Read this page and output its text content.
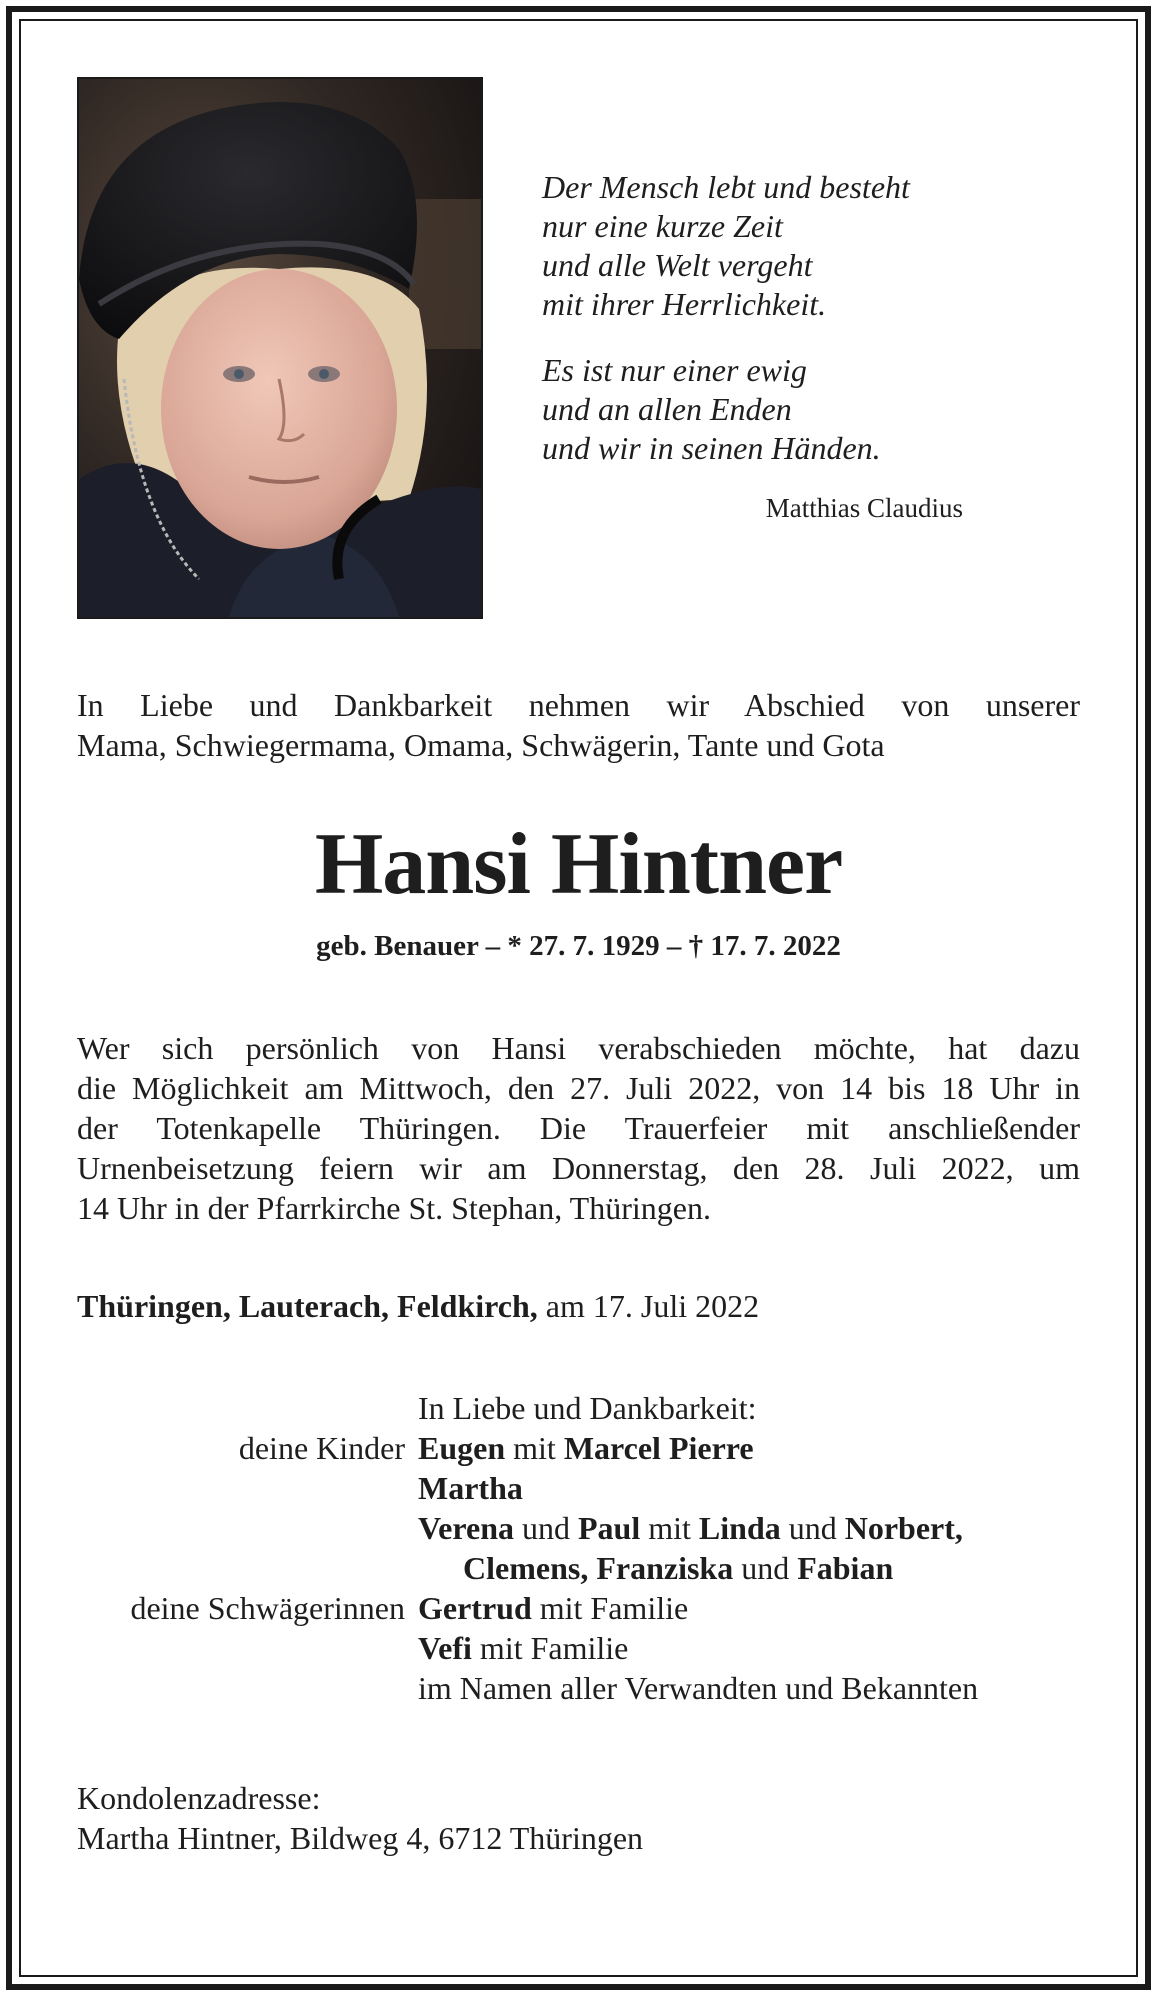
Der Mensch lebt und besteht
nur eine kurze Zeit
und alle Welt vergeht
mit ihrer Herrlichkeit.
Es ist nur einer ewig
und an allen Enden
und wir in seinen Händen.
Matthias Claudius
In Liebe und Dankbarkeit nehmen wir Abschied von unserer
Mama, Schwiegermama, Omama, Schwägerin, Tante und Gota
Hansi Hintner
geb. Benauer – * 27. 7. 1929 – † 17. 7. 2022
Wer sich persönlich von Hansi verabschieden möchte, hat dazu
die Möglichkeit am Mittwoch, den 27. Juli 2022, von 14 bis 18 Uhr in
der Totenkapelle Thüringen. Die Trauerfeier mit anschließender
Urnenbeisetzung feiern wir am Donnerstag, den 28. Juli 2022, um
14 Uhr in der Pfarrkirche St. Stephan, Thüringen.
Thüringen, Lauterach, Feldkirch, am 17. Juli 2022
In Liebe und Dankbarkeit:
deine Kinder Eugen mit Marcel Pierre
Martha
Verena und Paul mit Linda und Norbert,
Clemens, Franziska und Fabian
deine Schwägerinnen Gertrud mit Familie
Vefi mit Familie
im Namen aller Verwandten und Bekannten
Kondolenzadresse:
Martha Hintner, Bildweg 4, 6712 Thüringen
